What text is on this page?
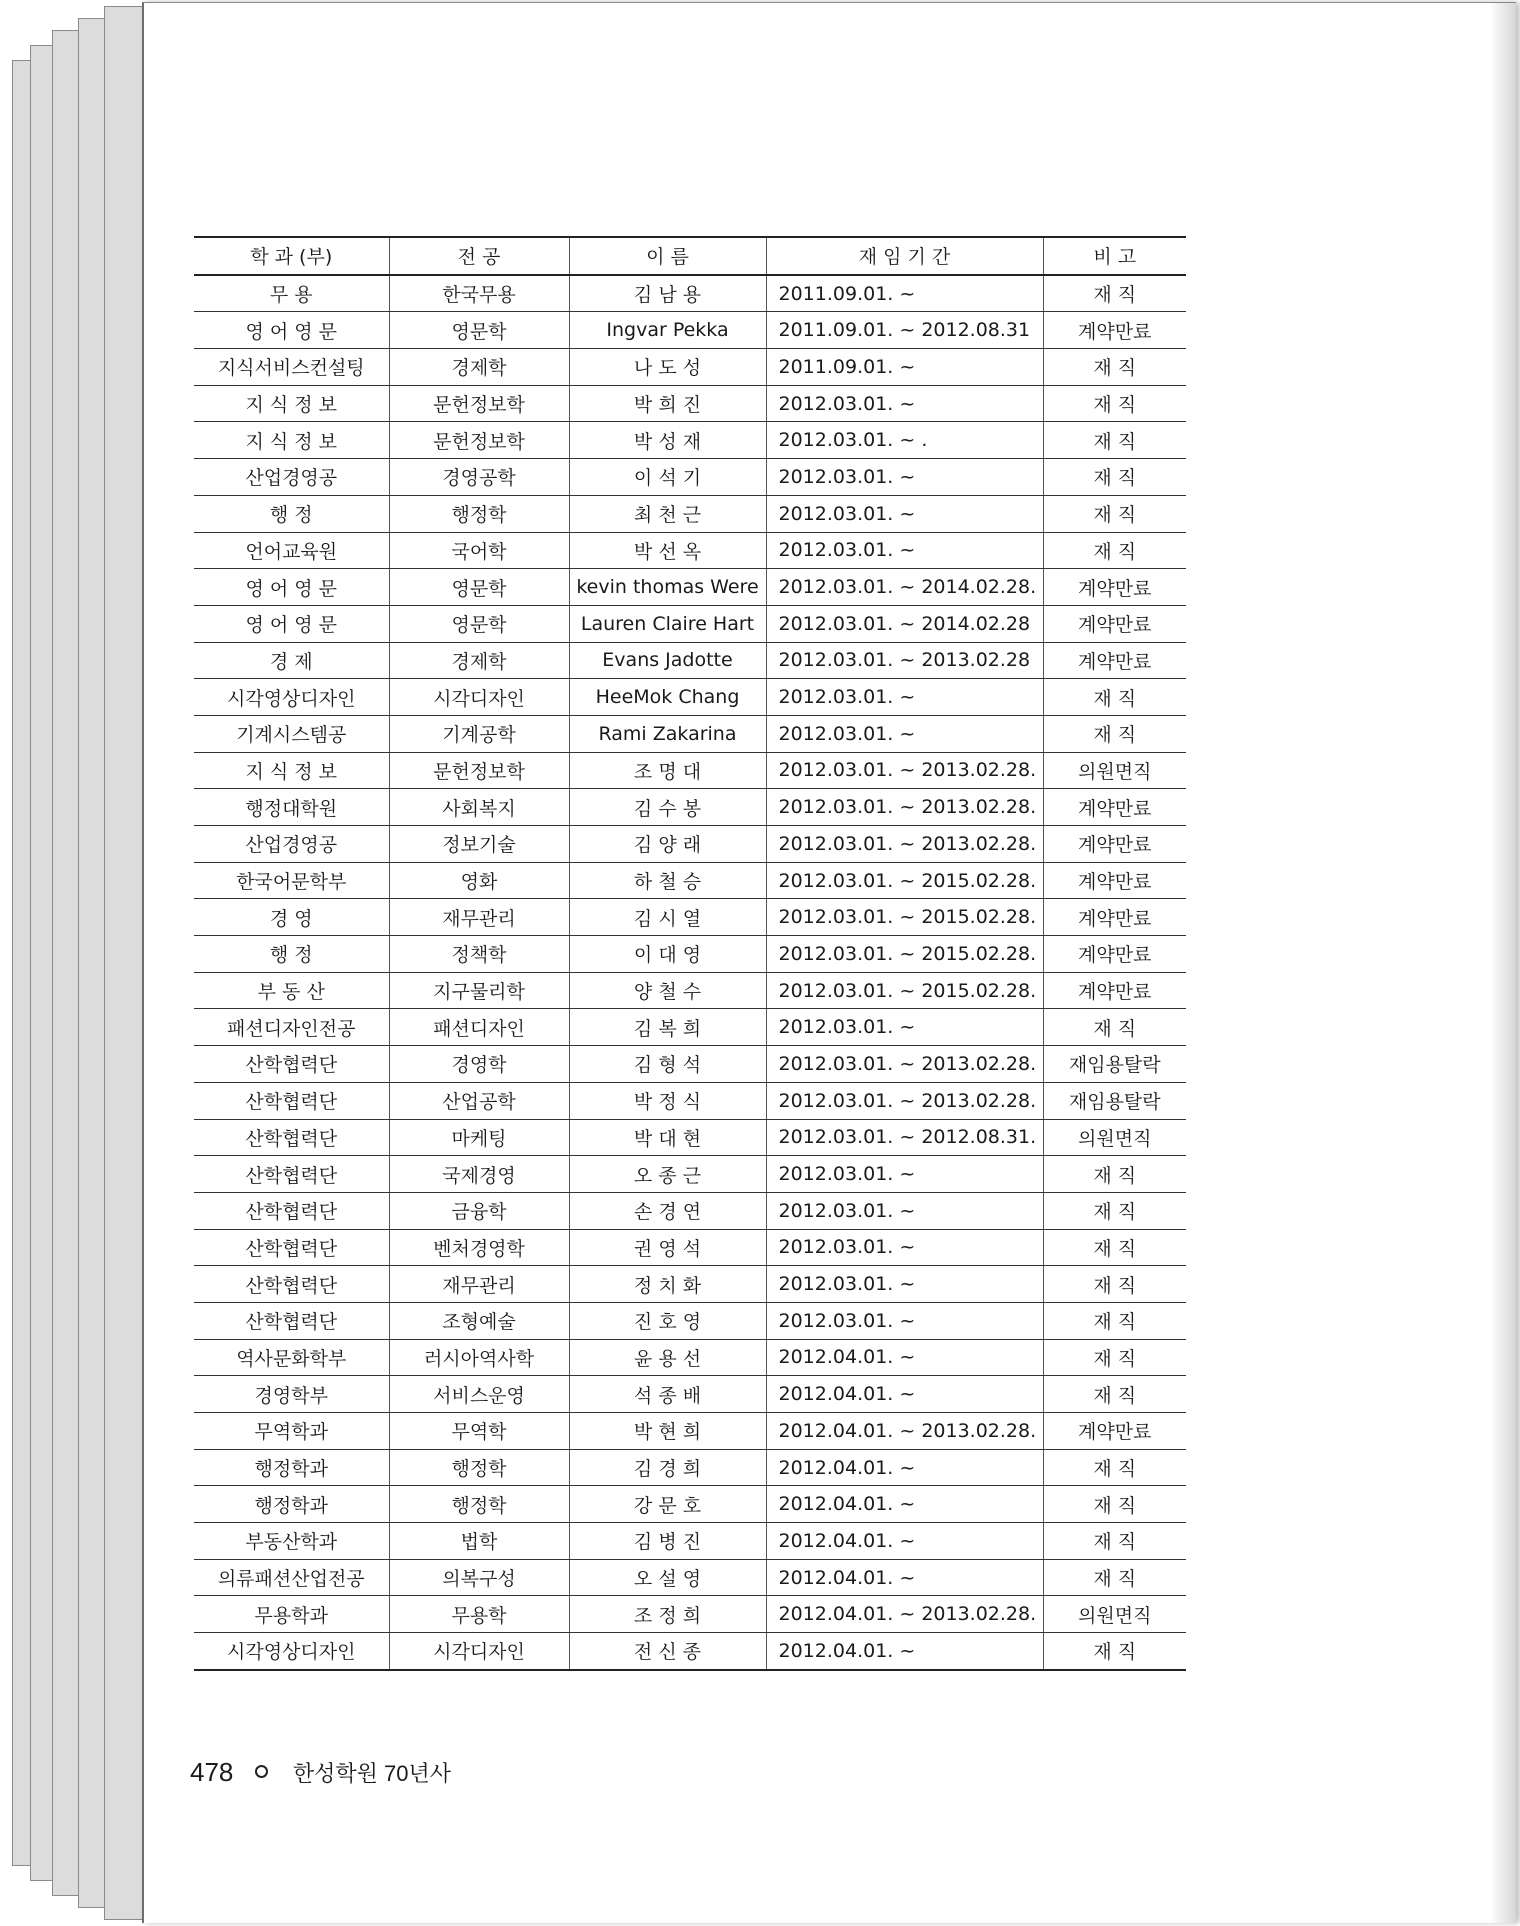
학 과 (부)	전 공	이 름	재 임 기 간	비 고
무 용	한국무용	김 남 용	2011.09.01. ~	재 직
영 어 영 문	영문학	Ingvar Pekka	2011.09.01. ~ 2012.08.31	계약만료
지식서비스컨설팅	경제학	나 도 성	2011.09.01. ~	재 직
지 식 정 보	문헌정보학	박 희 진	2012.03.01. ~	재 직
지 식 정 보	문헌정보학	박 성 재	2012.03.01. ~ .	재 직
산업경영공	경영공학	이 석 기	2012.03.01. ~	재 직
행 정	행정학	최 천 근	2012.03.01. ~	재 직
언어교육원	국어학	박 선 옥	2012.03.01. ~	재 직
영 어 영 문	영문학	kevin thomas Were	2012.03.01. ~ 2014.02.28.	계약만료
영 어 영 문	영문학	Lauren Claire Hart	2012.03.01. ~ 2014.02.28	계약만료
경 제	경제학	Evans Jadotte	2012.03.01. ~ 2013.02.28	계약만료
시각영상디자인	시각디자인	HeeMok Chang	2012.03.01. ~	재 직
기계시스템공	기계공학	Rami Zakarina	2012.03.01. ~	재 직
지 식 정 보	문헌정보학	조 명 대	2012.03.01. ~ 2013.02.28.	의원면직
행정대학원	사회복지	김 수 봉	2012.03.01. ~ 2013.02.28.	계약만료
산업경영공	정보기술	김 양 래	2012.03.01. ~ 2013.02.28.	계약만료
한국어문학부	영화	하 철 승	2012.03.01. ~ 2015.02.28.	계약만료
경 영	재무관리	김 시 열	2012.03.01. ~ 2015.02.28.	계약만료
행 정	정책학	이 대 영	2012.03.01. ~ 2015.02.28.	계약만료
부 동 산	지구물리학	양 철 수	2012.03.01. ~ 2015.02.28.	계약만료
패션디자인전공	패션디자인	김 복 희	2012.03.01. ~	재 직
산학협력단	경영학	김 형 석	2012.03.01. ~ 2013.02.28.	재임용탈락
산학협력단	산업공학	박 정 식	2012.03.01. ~ 2013.02.28.	재임용탈락
산학협력단	마케팅	박 대 현	2012.03.01. ~ 2012.08.31.	의원면직
산학협력단	국제경영	오 종 근	2012.03.01. ~	재 직
산학협력단	금융학	손 경 연	2012.03.01. ~	재 직
산학협력단	벤처경영학	권 영 석	2012.03.01. ~	재 직
산학협력단	재무관리	정 치 화	2012.03.01. ~	재 직
산학협력단	조형예술	진 호 영	2012.03.01. ~	재 직
역사문화학부	러시아역사학	윤 용 선	2012.04.01. ~	재 직
경영학부	서비스운영	석 종 배	2012.04.01. ~	재 직
무역학과	무역학	박 현 희	2012.04.01. ~ 2013.02.28.	계약만료
행정학과	행정학	김 경 희	2012.04.01. ~	재 직
행정학과	행정학	강 문 호	2012.04.01. ~	재 직
부동산학과	법학	김 병 진	2012.04.01. ~	재 직
의류패션산업전공	의복구성	오 설 영	2012.04.01. ~	재 직
무용학과	무용학	조 정 희	2012.04.01. ~ 2013.02.28.	의원면직
시각영상디자인	시각디자인	전 신 종	2012.04.01. ~	재 직
478	한성학원 70년사
